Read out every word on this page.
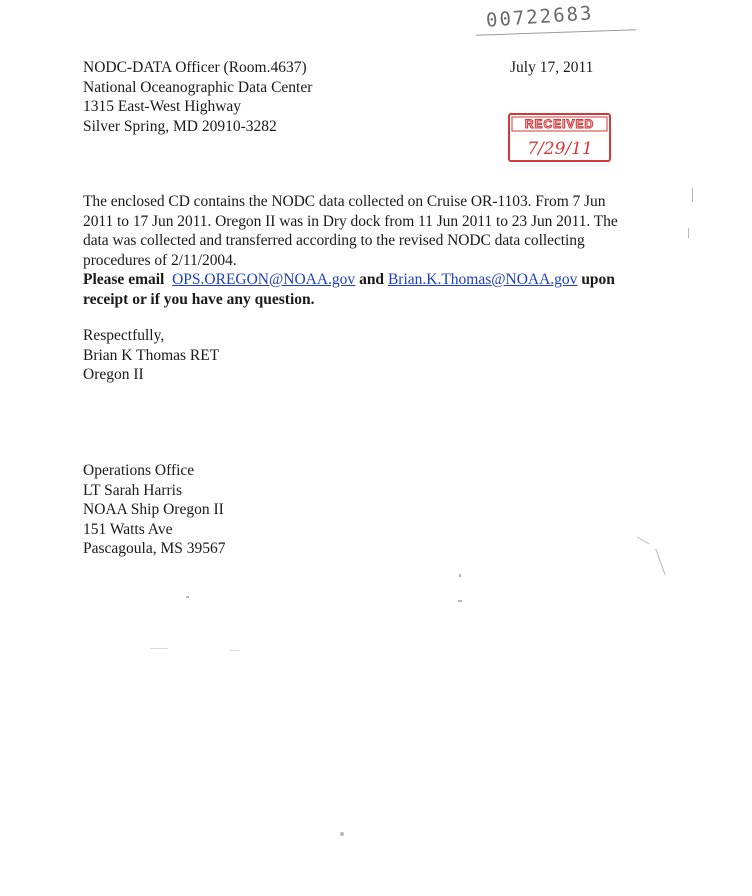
00722683
NODC-DATA Officer (Room.4637)
National Oceanographic Data Center
1315 East-West Highway
Silver Spring, MD 20910-3282
July 17, 2011
RECEIVED
7/29/11
The enclosed CD contains the NODC data collected on Cruise OR-1103. From 7 Jun
2011 to 17 Jun 2011. Oregon II was in Dry dock from 11 Jun 2011 to 23 Jun 2011. The
data was collected and transferred according to the revised NODC data collecting
procedures of 2/11/2004.
Please email OPS.OREGON@NOAA.gov and Brian.K.Thomas@NOAA.gov upon
receipt or if you have any question.
Respectfully,
Brian K Thomas RET
Oregon II
Operations Office
LT Sarah Harris
NOAA Ship Oregon II
151 Watts Ave
Pascagoula, MS 39567
